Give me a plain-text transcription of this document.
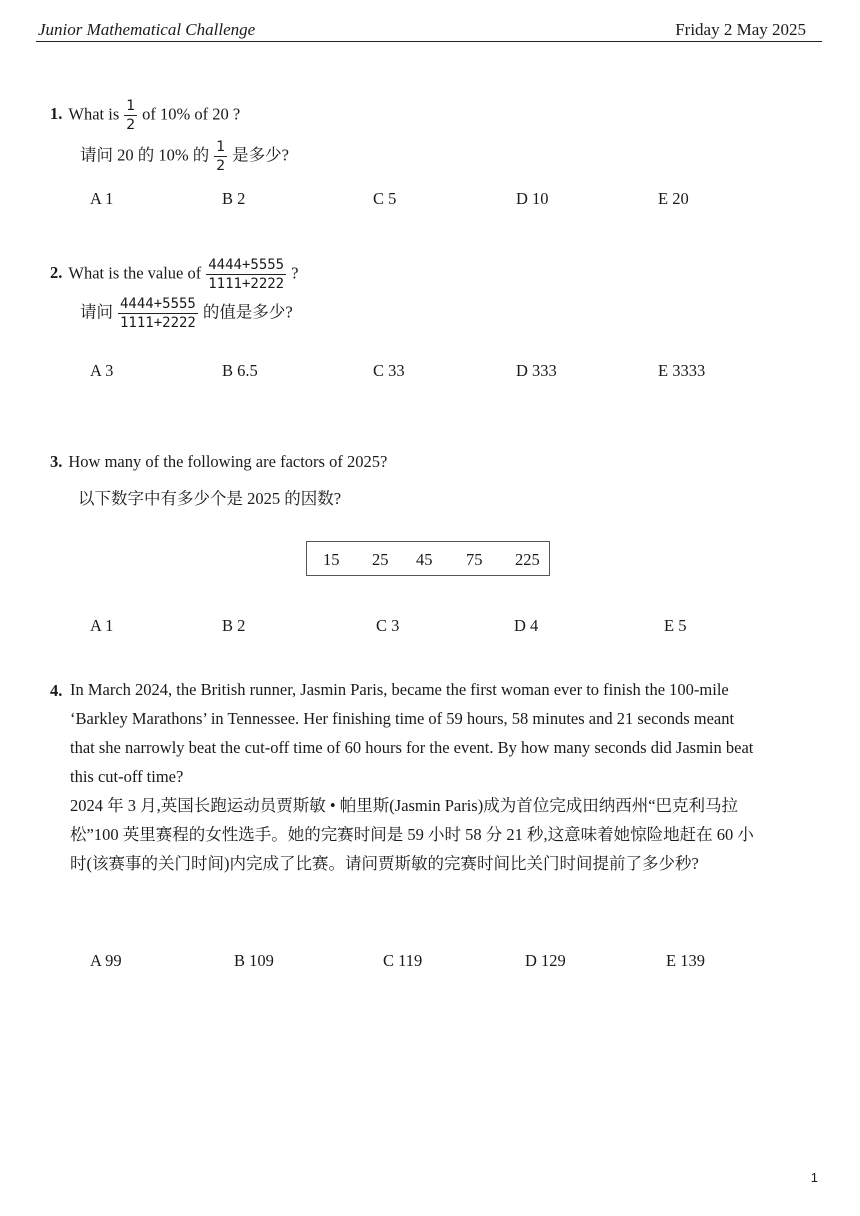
Junior Mathematical Challenge	Friday 2 May 2025
1. What is $\frac{1}{2}$ of 10% of 20 ?
请问 20 的 10% 的 $\frac{1}{2}$ 是多少?
A 1	B 2	C 5	D 10	E 20
2. What is the value of $\frac{4444+5555}{1111+2222}$ ?
请问 $\frac{4444+5555}{1111+2222}$ 的值是多少?
A 3	B 6.5	C 33	D 333	E 3333
3. How many of the following are factors of 2025?
以下数字中有多少个是 2025 的因数?
15 25 45 75 225
A 1	B 2	C 3	D 4	E 5
4. In March 2024, the British runner, Jasmin Paris, became the first woman ever to finish the 100-mile ‘Barkley Marathons’ in Tennessee. Her finishing time of 59 hours, 58 minutes and 21 seconds meant that she narrowly beat the cut-off time of 60 hours for the event. By how many seconds did Jasmin beat this cut-off time?
2024 年 3 月,英国长跑运动员贾斯敏 • 帕里斯(Jasmin Paris)成为首位完成田纳西州“巴克利马拉松”100 英里赛程的女性选手。她的完赛时间是 59 小时 58 分 21 秒,这意味着她惊险地赶在 60 小时(该赛事的关门时间)内完成了比赛。请问贾斯敏的完赛时间比关门时间提前了多少秒?
A 99	B 109	C 119	D 129	E 139
1
